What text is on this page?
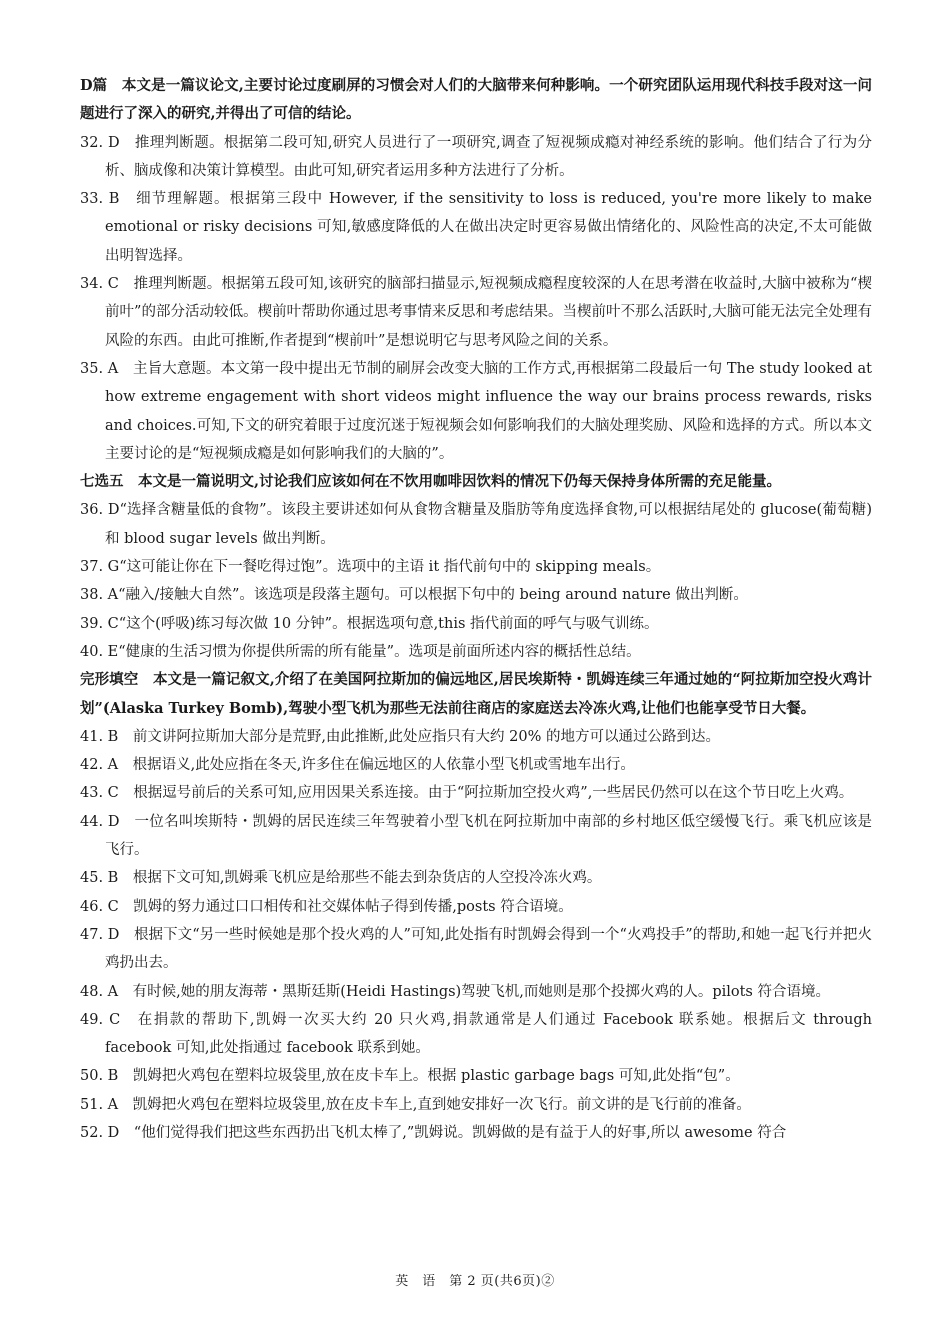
D篇　本文是一篇议论文,主要讨论过度刷屏的习惯会对人们的大脑带来何种影响。一个研究团队运用现代科技手段对这一问题进行了深入的研究,并得出了可信的结论。

32. D　推理判断题。根据第二段可知,研究人员进行了一项研究,调查了短视频成瘾对神经系统的影响。他们结合了行为分析、脑成像和决策计算模型。由此可知,研究者运用多种方法进行了分析。

33. B　细节理解题。根据第三段中 However, if the sensitivity to loss is reduced, you're more likely to make emotional or risky decisions 可知,敏感度降低的人在做出决定时更容易做出情绪化的、风险性高的决定,不太可能做出明智选择。

34. C　推理判断题。根据第五段可知,该研究的脑部扫描显示,短视频成瘾程度较深的人在思考潜在收益时,大脑中被称为“楔前叶”的部分活动较低。楔前叶帮助你通过思考事情来反思和考虑结果。当楔前叶不那么活跃时,大脑可能无法完全处理有风险的东西。由此可推断,作者提到“楔前叶”是想说明它与思考风险之间的关系。

35. A　主旨大意题。本文第一段中提出无节制的刷屏会改变大脑的工作方式,再根据第二段最后一句 The study looked at how extreme engagement with short videos might influence the way our brains process rewards, risks and choices.可知,下文的研究着眼于过度沉迷于短视频会如何影响我们的大脑处理奖励、风险和选择的方式。所以本文主要讨论的是“短视频成瘾是如何影响我们的大脑的”。

七选五　本文是一篇说明文,讨论我们应该如何在不饮用咖啡因饮料的情况下仍每天保持身体所需的充足能量。

36. D“选择含糖量低的食物”。该段主要讲述如何从食物含糖量及脂肪等角度选择食物,可以根据结尾处的 glucose(葡萄糖)和 blood sugar levels 做出判断。

37. G“这可能让你在下一餐吃得过饱”。选项中的主语 it 指代前句中的 skipping meals。

38. A“融入/接触大自然”。该选项是段落主题句。可以根据下句中的 being around nature 做出判断。

39. C“这个(呼吸)练习每次做 10 分钟”。根据选项句意,this 指代前面的呼气与吸气训练。

40. E“健康的生活习惯为你提供所需的所有能量”。选项是前面所述内容的概括性总结。

完形填空　本文是一篇记叙文,介绍了在美国阿拉斯加的偏远地区,居民埃斯特・凯姆连续三年通过她的“阿拉斯加空投火鸡计划”(Alaska Turkey Bomb),驾驶小型飞机为那些无法前往商店的家庭送去冷冻火鸡,让他们也能享受节日大餐。

41. B　前文讲阿拉斯加大部分是荒野,由此推断,此处应指只有大约 20% 的地方可以通过公路到达。

42. A　根据语义,此处应指在冬天,许多住在偏远地区的人依靠小型飞机或雪地车出行。

43. C　根据逗号前后的关系可知,应用因果关系连接。由于“阿拉斯加空投火鸡”,一些居民仍然可以在这个节日吃上火鸡。

44. D　一位名叫埃斯特・凯姆的居民连续三年驾驶着小型飞机在阿拉斯加中南部的乡村地区低空缓慢飞行。乘飞机应该是飞行。

45. B　根据下文可知,凯姆乘飞机应是给那些不能去到杂货店的人空投冷冻火鸡。

46. C　凯姆的努力通过口口相传和社交媒体帖子得到传播,posts 符合语境。

47. D　根据下文“另一些时候她是那个投火鸡的人”可知,此处指有时凯姆会得到一个“火鸡投手”的帮助,和她一起飞行并把火鸡扔出去。

48. A　有时候,她的朋友海蒂・黑斯廷斯(Heidi Hastings)驾驶飞机,而她则是那个投掷火鸡的人。pilots 符合语境。

49. C　在捐款的帮助下,凯姆一次买大约 20 只火鸡,捐款通常是人们通过 Facebook 联系她。根据后文 through facebook 可知,此处指通过 facebook 联系到她。

50. B　凯姆把火鸡包在塑料垃圾袋里,放在皮卡车上。根据 plastic garbage bags 可知,此处指“包”。

51. A　凯姆把火鸡包在塑料垃圾袋里,放在皮卡车上,直到她安排好一次飞行。前文讲的是飞行前的准备。

52. D　“他们觉得我们把这些东西扔出飞机太棒了,”凯姆说。凯姆做的是有益于人的好事,所以 awesome 符合

英　语　第 2 页(共6页)②
